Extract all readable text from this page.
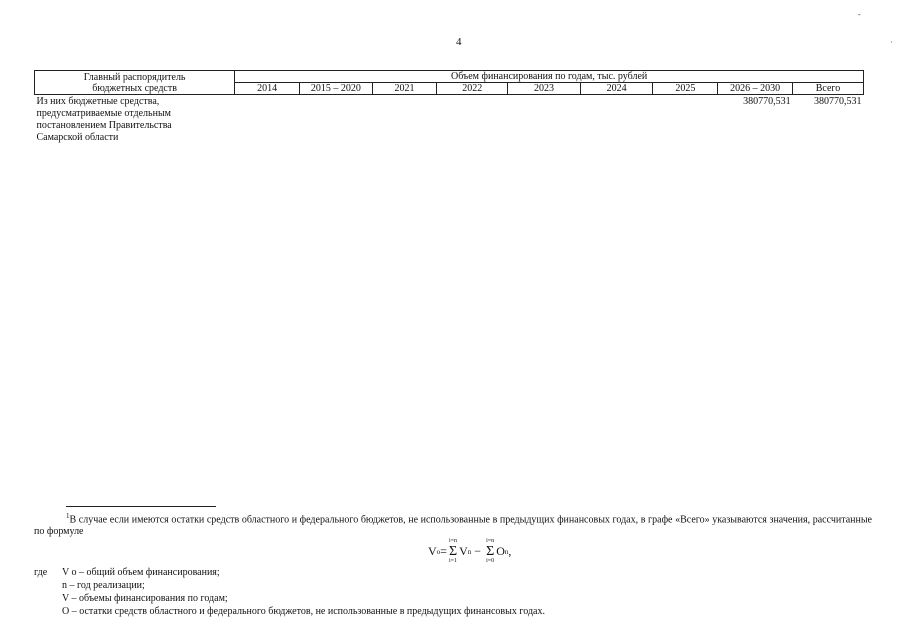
4
-
·
Главный распорядитель
бюджетных средств	Объем финансирования по годам, тыс. рублей								
	2014	2015 – 2020	2021	2022	2023	2024	2025	2026 – 2030	Всего

Из них бюджетные средства,
предусматриваемые отдельным
постановлением Правительства
Самарской области								380770,531	380770,531
$^1$В случае если имеются остатки средств областного и федерального бюджетов, не использованные в предыдущих финансовых годах, в графе «Всего» указываются значения, рассчитанные по формуле
V o =
i=n
Σ
i=1
V n −
i=n
Σ
i=0
O n ,
где	V о – общий объем финансирования;
n – год реализации;
V – объемы финансирования по годам;
O – остатки средств областного и федерального бюджетов, не использованные в предыдущих финансовых годах.
